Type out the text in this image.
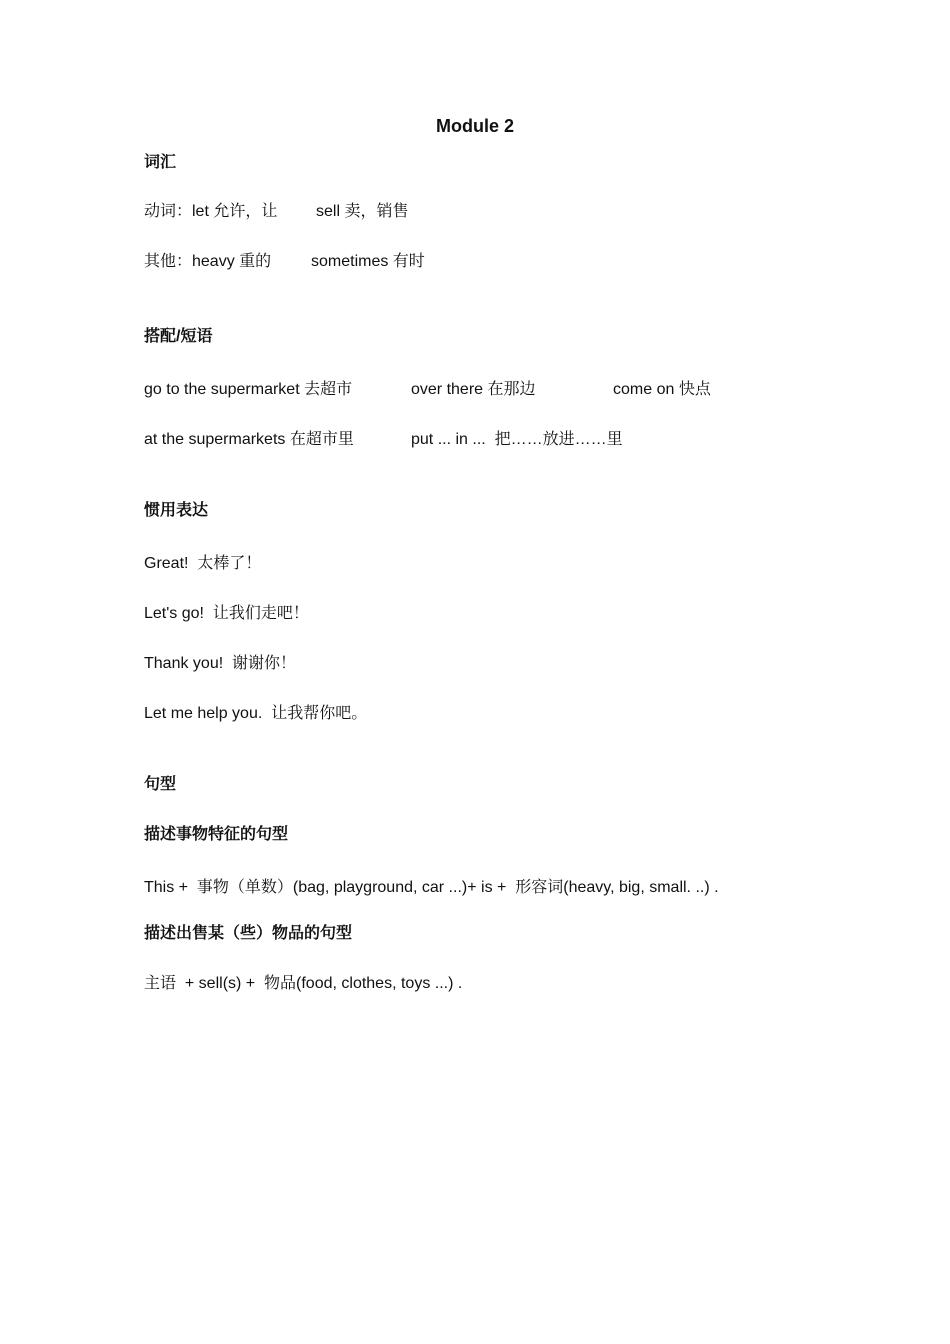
Module 2
词汇
动词： let 允许，让 sell 卖，销售
其他： heavy 重的 sometimes 有时
搭配/短语
go to the supermarket 去超市	over there 在那边	come on 快点
at the supermarkets 在超市里	put ... in ...  把……放进……里
惯用表达
Great!  太棒了！
Let's go!  让我们走吧！
Thank you!  谢谢你！
Let me help you.  让我帮你吧。
句型
描述事物特征的句型
This +  事物（单数）(bag, playground, car ...)+ is +  形容词(heavy, big, small. ..) .
描述出售某（些）物品的句型
主语  + sell(s) +  物品(food, clothes, toys ...) .
